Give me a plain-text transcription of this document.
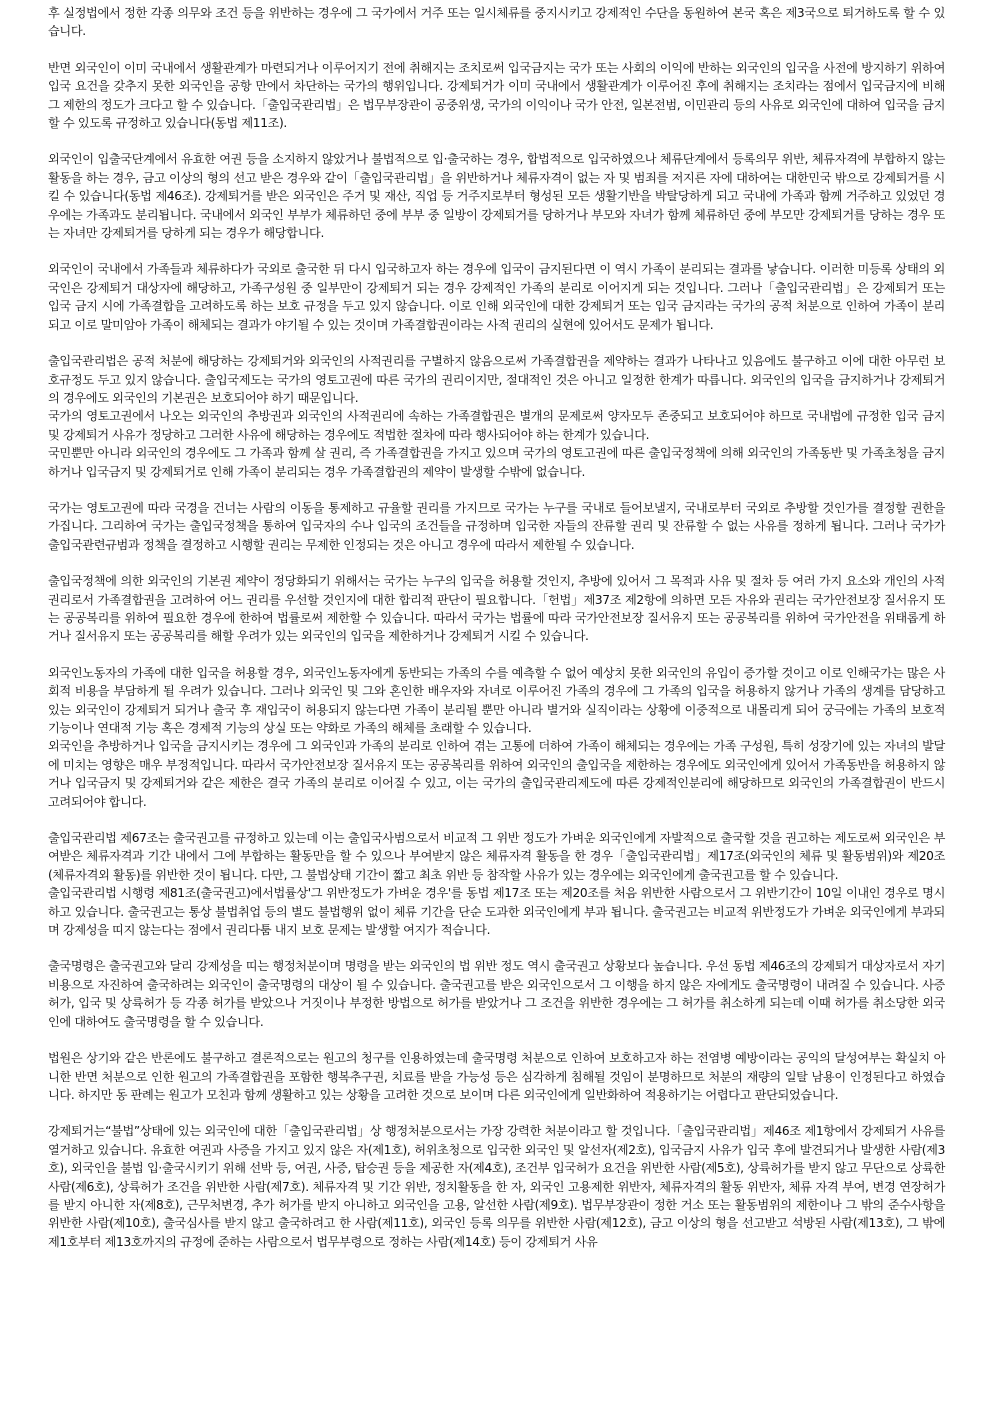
후 실정법에서 정한 각종 의무와 조건 등을 위반하는 경우에 그 국가에서 거주 또는 일시체류를 중지시키고 강제적인 수단을 동원하여 본국 혹은 제3국으로 퇴거하도록 할 수 있습니다.

반면 외국인이 이미 국내에서 생활관계가 마련되거나 이루어지기 전에 취해지는 조치로써 입국금지는 국가 또는 사회의 이익에 반하는 외국인의 입국을 사전에 방지하기 위하여 입국 요건을 갖추지 못한 외국인을 공항 만에서 차단하는 국가의 행위입니다. 강제퇴거가 이미 국내에서 생활관계가 이루어진 후에 취해지는 조치라는 점에서 입국금지에 비해 그 제한의 정도가 크다고 할 수 있습니다.「출입국관리법」은 법무부장관이 공중위생, 국가의 이익이나 국가 안전, 일본전범, 이민관리 등의 사유로 외국인에 대하여 입국을 금지할 수 있도록 규정하고 있습니다(동법 제11조).

외국인이 입출국단계에서 유효한 여권 등을 소지하지 않았거나 불법적으로 입·출국하는 경우, 합법적으로 입국하였으나 체류단계에서 등록의무 위반, 체류자격에 부합하지 않는 활동을 하는 경우, 금고 이상의 형의 선고 받은 경우와 같이「출입국관리법」을 위반하거나 체류자격이 없는 자 및 범죄를 저지른 자에 대하여는 대한민국 밖으로 강제퇴거를 시킬 수 있습니다(동법 제46조). 강제퇴거를 받은 외국인은 주거 및 재산, 직업 등 거주지로부터 형성된 모든 생활기반을 박탈당하게 되고 국내에 가족과 함께 거주하고 있었던 경우에는 가족과도 분리됩니다. 국내에서 외국인 부부가 체류하던 중에 부부 중 일방이 강제퇴거를 당하거나 부모와 자녀가 함께 체류하던 중에 부모만 강제퇴거를 당하는 경우 또는 자녀만 강제퇴거를 당하게 되는 경우가 해당합니다.

외국인이 국내에서 가족들과 체류하다가 국외로 출국한 뒤 다시 입국하고자 하는 경우에 입국이 금지된다면 이 역시 가족이 분리되는 결과를 낳습니다. 이러한 미등록 상태의 외국인은 강제퇴거 대상자에 해당하고, 가족구성원 중 일부만이 강제퇴거 되는 경우 강제적인 가족의 분리로 이어지게 되는 것입니다. 그러나「출입국관리법」은 강제퇴거 또는 입국 금지 시에 가족결합을 고려하도록 하는 보호 규정을 두고 있지 않습니다. 이로 인해 외국인에 대한 강제퇴거 또는 입국 금지라는 국가의 공적 처분으로 인하여 가족이 분리되고 이로 말미암아 가족이 해체되는 결과가 야기될 수 있는 것이며 가족결합권이라는 사적 권리의 실현에 있어서도 문제가 됩니다.

출입국관리법은 공적 처분에 해당하는 강제퇴거와 외국인의 사적권리를 구별하지 않음으로써 가족결합권을 제약하는 결과가 나타나고 있음에도 불구하고 이에 대한 아무런 보호규정도 두고 있지 않습니다. 출입국제도는 국가의 영토고권에 따른 국가의 권리이지만, 절대적인 것은 아니고 일정한 한계가 따릅니다. 외국인의 입국을 금지하거나 강제퇴거의 경우에도 외국인의 기본권은 보호되어야 하기 때문입니다.

국가의 영토고권에서 나오는 외국인의 추방권과 외국인의 사적권리에 속하는 가족결합권은 별개의 문제로써 양자모두 존중되고 보호되어야 하므로 국내법에 규정한 입국 금지 및 강제퇴거 사유가 정당하고 그러한 사유에 해당하는 경우에도 적법한 절차에 따라 행사되어야 하는 한계가 있습니다.

국민뿐만 아니라 외국인의 경우에도 그 가족과 함께 살 권리, 즉 가족결합권을 가지고 있으며 국가의 영토고권에 따른 출입국정책에 의해 외국인의 가족동반 및 가족초청을 금지하거나 입국금지 및 강제퇴거로 인해 가족이 분리되는 경우 가족결합권의 제약이 발생할 수밖에 없습니다.

국가는 영토고권에 따라 국경을 건너는 사람의 이동을 통제하고 규율할 권리를 가지므로 국가는 누구를 국내로 들어보낼지, 국내로부터 국외로 추방할 것인가를 결정할 권한을 가집니다. 그리하여 국가는 출입국정책을 통하여 입국자의 수나 입국의 조건들을 규정하며 입국한 자들의 잔류할 권리 및 잔류할 수 없는 사유를 정하게 됩니다. 그러나 국가가 출입국관련규범과 정책을 결정하고 시행할 권리는 무제한 인정되는 것은 아니고 경우에 따라서 제한될 수 있습니다.

출입국정책에 의한 외국인의 기본권 제약이 정당화되기 위해서는 국가는 누구의 입국을 허용할 것인지, 추방에 있어서 그 목적과 사유 및 절차 등 여러 가지 요소와 개인의 사적권리로서 가족결합권을 고려하여 어느 권리를 우선할 것인지에 대한 합리적 판단이 필요합니다.「헌법」제37조 제2항에 의하면 모든 자유와 권리는 국가안전보장 질서유지 또는 공공복리를 위하여 필요한 경우에 한하여 법률로써 제한할 수 있습니다. 따라서 국가는 법률에 따라 국가안전보장 질서유지 또는 공공복리를 위하여 국가안전을 위태롭게 하거나 질서유지 또는 공공복리를 해할 우려가 있는 외국인의 입국을 제한하거나 강제퇴거 시킬 수 있습니다.

외국인노동자의 가족에 대한 입국을 허용할 경우, 외국인노동자에게 동반되는 가족의 수를 예측할 수 없어 예상치 못한 외국인의 유입이 증가할 것이고 이로 인해국가는 많은 사회적 비용을 부담하게 될 우려가 있습니다. 그러나 외국인 및 그와 혼인한 배우자와 자녀로 이루어진 가족의 경우에 그 가족의 입국을 허용하지 않거나 가족의 생계를 담당하고 있는 외국인이 강제퇴거 되거나 출국 후 재입국이 허용되지 않는다면 가족이 분리될 뿐만 아니라 별거와 실직이라는 상황에 이중적으로 내몰리게 되어 궁극에는 가족의 보호적 기능이나 연대적 기능 혹은 경제적 기능의 상실 또는 약화로 가족의 해체를 초래할 수 있습니다.

외국인을 추방하거나 입국을 금지시키는 경우에 그 외국인과 가족의 분리로 인하여 겪는 고통에 더하여 가족이 해체되는 경우에는 가족 구성원, 특히 성장기에 있는 자녀의 발달에 미치는 영향은 매우 부정적입니다. 따라서 국가안전보장 질서유지 또는 공공복리를 위하여 외국인의 출입국을 제한하는 경우에도 외국인에게 있어서 가족동반을 허용하지 않거나 입국금지 및 강제퇴거와 같은 제한은 결국 가족의 분리로 이어질 수 있고, 이는 국가의 출입국관리제도에 따른 강제적인분리에 해당하므로 외국인의 가족결합권이 반드시 고려되어야 합니다.

출입국관리법 제67조는 출국권고를 규정하고 있는데 이는 출입국사범으로서 비교적 그 위반 정도가 가벼운 외국인에게 자발적으로 출국할 것을 권고하는 제도로써 외국인은 부여받은 체류자격과 기간 내에서 그에 부합하는 활동만을 할 수 있으나 부여받지 않은 체류자격 활동을 한 경우「출입국관리법」제17조(외국인의 체류 및 활동범위)와 제20조(체류자격외 활동)를 위반한 것이 됩니다. 다만, 그 불법상태 기간이 짧고 최초 위반 등 참작할 사유가 있는 경우에는 외국인에게 출국권고를 할 수 있습니다.

출입국관리법 시행령 제81조(출국권고)에서법률상'그 위반정도가 가벼운 경우'를 동법 제17조 또는 제20조를 처음 위반한 사람으로서 그 위반기간이 10일 이내인 경우로 명시하고 있습니다. 출국권고는 통상 불법취업 등의 별도 불법행위 없이 체류 기간을 단순 도과한 외국인에게 부과 됩니다. 출국권고는 비교적 위반정도가 가벼운 외국인에게 부과되며 강제성을 띠지 않는다는 점에서 권리다툼 내지 보호 문제는 발생할 여지가 적습니다.

출국명령은 출국권고와 달리 강제성을 띠는 행정처분이며 명령을 받는 외국인의 법 위반 정도 역시 출국권고 상황보다 높습니다. 우선 동법 제46조의 강제퇴거 대상자로서 자기 비용으로 자진하여 출국하려는 외국인이 출국명령의 대상이 될 수 있습니다. 출국권고를 받은 외국인으로서 그 이행을 하지 않은 자에게도 출국명령이 내려질 수 있습니다. 사증허가, 입국 및 상륙허가 등 각종 허가를 받았으나 거짓이나 부정한 방법으로 허가를 받았거나 그 조건을 위반한 경우에는 그 허가를 취소하게 되는데 이때 허가를 취소당한 외국인에 대하여도 출국명령을 할 수 있습니다.

법원은 상기와 같은 반론에도 불구하고 결론적으로는 원고의 청구를 인용하였는데 출국명령 처분으로 인하여 보호하고자 하는 전염병 예방이라는 공익의 달성여부는 확실치 아니한 반면 처분으로 인한 원고의 가족결합권을 포함한 행복추구권, 치료를 받을 가능성 등은 심각하게 침해될 것임이 분명하므로 처분의 재량의 일탈 남용이 인정된다고 하였습니다. 하지만 동 판례는 원고가 모친과 함께 생활하고 있는 상황을 고려한 것으로 보이며 다른 외국인에게 일반화하여 적용하기는 어렵다고 판단되었습니다.

강제퇴거는“불법”상태에 있는 외국인에 대한「출입국관리법」상 행정처분으로서는 가장 강력한 처분이라고 할 것입니다.「출입국관리법」제46조 제1항에서 강제퇴거 사유를 열거하고 있습니다. 유효한 여권과 사증을 가지고 있지 않은 자(제1호), 허위초청으로 입국한 외국인 및 알선자(제2호), 입국금지 사유가 입국 후에 발견되거나 발생한 사람(제3호), 외국인을 불법 입·출국시키기 위해 선박 등, 여권, 사증, 탑승권 등을 제공한 자(제4호), 조건부 입국허가 요건을 위반한 사람(제5호), 상륙허가를 받지 않고 무단으로 상륙한 사람(제6호), 상륙허가 조건을 위반한 사람(제7호). 체류자격 및 기간 위반, 정치활동을 한 자, 외국인 고용제한 위반자, 체류자격의 활동 위반자, 체류 자격 부여, 변경 연장허가를 받지 아니한 자(제8호), 근무처변경, 추가 허가를 받지 아니하고 외국인을 고용, 알선한 사람(제9호). 법무부장관이 정한 거소 또는 활동범위의 제한이나 그 밖의 준수사항을 위반한 사람(제10호), 출국심사를 받지 않고 출국하려고 한 사람(제11호), 외국인 등록 의무를 위반한 사람(제12호), 금고 이상의 형을 선고받고 석방된 사람(제13호), 그 밖에 제1호부터 제13호까지의 규정에 준하는 사람으로서 법무부령으로 정하는 사람(제14호) 등이 강제퇴거 사유
